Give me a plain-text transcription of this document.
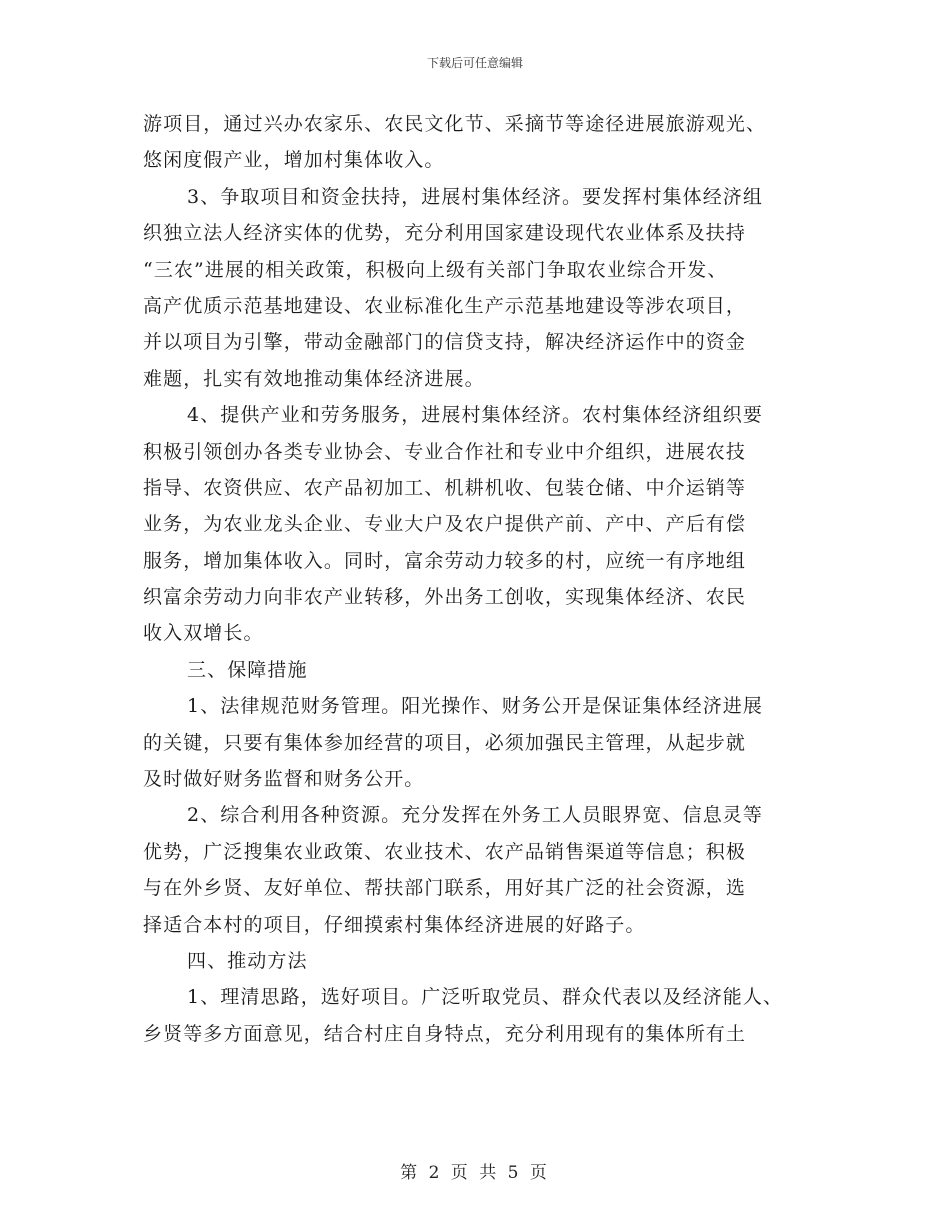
下载后可任意编辑
游项目，通过兴办农家乐、农民文化节、采摘节等途径进展旅游观光、
悠闲度假产业，增加村集体收入。
3、争取项目和资金扶持，进展村集体经济。要发挥村集体经济组
织独立法人经济实体的优势，充分利用国家建设现代农业体系及扶持
“三农”进展的相关政策，积极向上级有关部门争取农业综合开发、
高产优质示范基地建设、农业标准化生产示范基地建设等涉农项目，
并以项目为引擎，带动金融部门的信贷支持，解决经济运作中的资金
难题，扎实有效地推动集体经济进展。
4、提供产业和劳务服务，进展村集体经济。农村集体经济组织要
积极引领创办各类专业协会、专业合作社和专业中介组织，进展农技
指导、农资供应、农产品初加工、机耕机收、包装仓储、中介运销等
业务，为农业龙头企业、专业大户及农户提供产前、产中、产后有偿
服务，增加集体收入。同时，富余劳动力较多的村，应统一有序地组
织富余劳动力向非农产业转移，外出务工创收，实现集体经济、农民
收入双增长。
三、保障措施
1、法律规范财务管理。阳光操作、财务公开是保证集体经济进展
的关键，只要有集体参加经营的项目，必须加强民主管理，从起步就
及时做好财务监督和财务公开。
2、综合利用各种资源。充分发挥在外务工人员眼界宽、信息灵等
优势，广泛搜集农业政策、农业技术、农产品销售渠道等信息；积极
与在外乡贤、友好单位、帮扶部门联系，用好其广泛的社会资源，选
择适合本村的项目，仔细摸索村集体经济进展的好路子。
四、推动方法
1、理清思路，选好项目。广泛听取党员、群众代表以及经济能人、
乡贤等多方面意见，结合村庄自身特点，充分利用现有的集体所有土
第 2 页 共 5 页
